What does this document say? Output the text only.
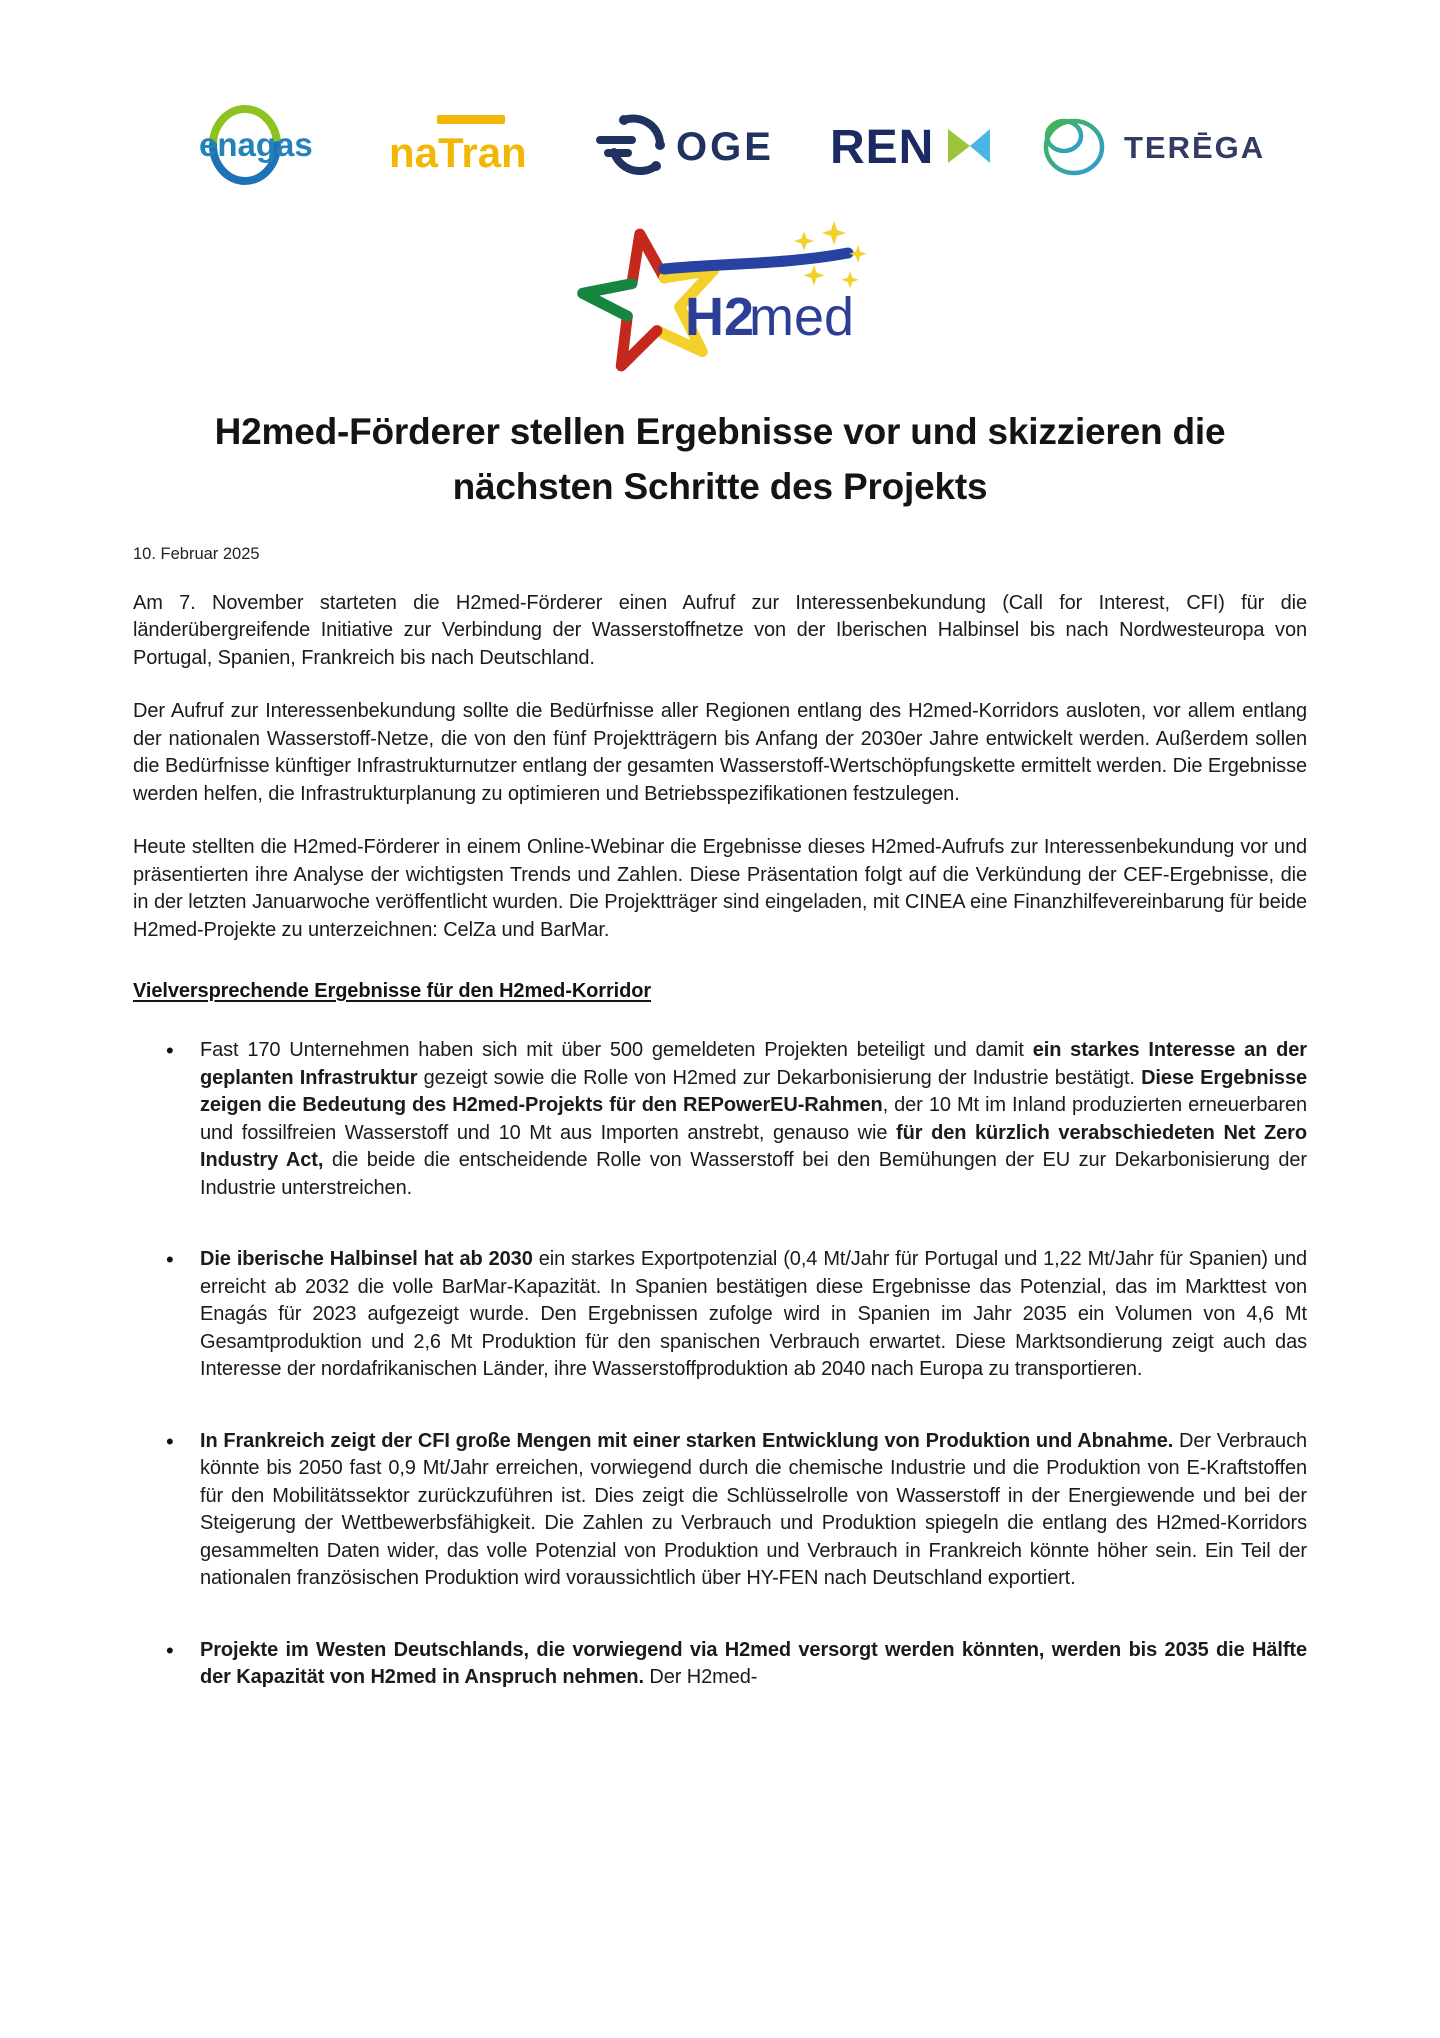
enagas naTran	OGE REN	TERĒGA
H2
med
H2med-Förderer stellen Ergebnisse vor und skizzieren die nächsten Schritte des Projekts
10. Februar 2025

Am 7. November starteten die H2med-Förderer einen Aufruf zur Interessenbekundung (Call for Interest, CFI) für die länderübergreifende Initiative zur Verbindung der Wasserstoffnetze von der Iberischen Halbinsel bis nach Nordwesteuropa von Portugal, Spanien, Frankreich bis nach Deutschland.

Der Aufruf zur Interessenbekundung sollte die Bedürfnisse aller Regionen entlang des H2med-Korridors ausloten, vor allem entlang der nationalen Wasserstoff-Netze, die von den fünf Projektträgern bis Anfang der 2030er Jahre entwickelt werden. Außerdem sollen die Bedürfnisse künftiger Infrastrukturnutzer entlang der gesamten Wasserstoff-Wertschöpfungskette ermittelt werden. Die Ergebnisse werden helfen, die Infrastrukturplanung zu optimieren und Betriebsspezifikationen festzulegen.

Heute stellten die H2med-Förderer in einem Online-Webinar die Ergebnisse dieses H2med-Aufrufs zur Interessenbekundung vor und präsentierten ihre Analyse der wichtigsten Trends und Zahlen. Diese Präsentation folgt auf die Verkündung der CEF-Ergebnisse, die in der letzten Januarwoche veröffentlicht wurden. Die Projektträger sind eingeladen, mit CINEA eine Finanzhilfevereinbarung für beide H2med-Projekte zu unterzeichnen: CelZa und BarMar.

Vielversprechende Ergebnisse für den H2med-Korridor
• Fast 170 Unternehmen haben sich mit über 500 gemeldeten Projekten beteiligt und damit ein starkes Interesse an der geplanten Infrastruktur gezeigt sowie die Rolle von H2med zur Dekarbonisierung der Industrie bestätigt. Diese Ergebnisse zeigen die Bedeutung des H2med-Projekts für den REPowerEU-Rahmen, der 10 Mt im Inland produzierten erneuerbaren und fossilfreien Wasserstoff und 10 Mt aus Importen anstrebt, genauso wie für den kürzlich verabschiedeten Net Zero Industry Act, die beide die entscheidende Rolle von Wasserstoff bei den Bemühungen der EU zur Dekarbonisierung der Industrie unterstreichen.
• Die iberische Halbinsel hat ab 2030 ein starkes Exportpotenzial (0,4 Mt/Jahr für Portugal und 1,22 Mt/Jahr für Spanien) und erreicht ab 2032 die volle BarMar-Kapazität. In Spanien bestätigen diese Ergebnisse das Potenzial, das im Markttest von Enagás für 2023 aufgezeigt wurde. Den Ergebnissen zufolge wird in Spanien im Jahr 2035 ein Volumen von 4,6 Mt Gesamtproduktion und 2,6 Mt Produktion für den spanischen Verbrauch erwartet. Diese Marktsondierung zeigt auch das Interesse der nordafrikanischen Länder, ihre Wasserstoffproduktion ab 2040 nach Europa zu transportieren.
• In Frankreich zeigt der CFI große Mengen mit einer starken Entwicklung von Produktion und Abnahme. Der Verbrauch könnte bis 2050 fast 0,9 Mt/Jahr erreichen, vorwiegend durch die chemische Industrie und die Produktion von E-Kraftstoffen für den Mobilitätssektor zurückzuführen ist. Dies zeigt die Schlüsselrolle von Wasserstoff in der Energiewende und bei der Steigerung der Wettbewerbsfähigkeit. Die Zahlen zu Verbrauch und Produktion spiegeln die entlang des H2med-Korridors gesammelten Daten wider, das volle Potenzial von Produktion und Verbrauch in Frankreich könnte höher sein. Ein Teil der nationalen französischen Produktion wird voraussichtlich über HY-FEN nach Deutschland exportiert.
• Projekte im Westen Deutschlands, die vorwiegend via H2med versorgt werden könnten, werden bis 2035 die Hälfte der Kapazität von H2med in Anspruch nehmen. Der H2med-
